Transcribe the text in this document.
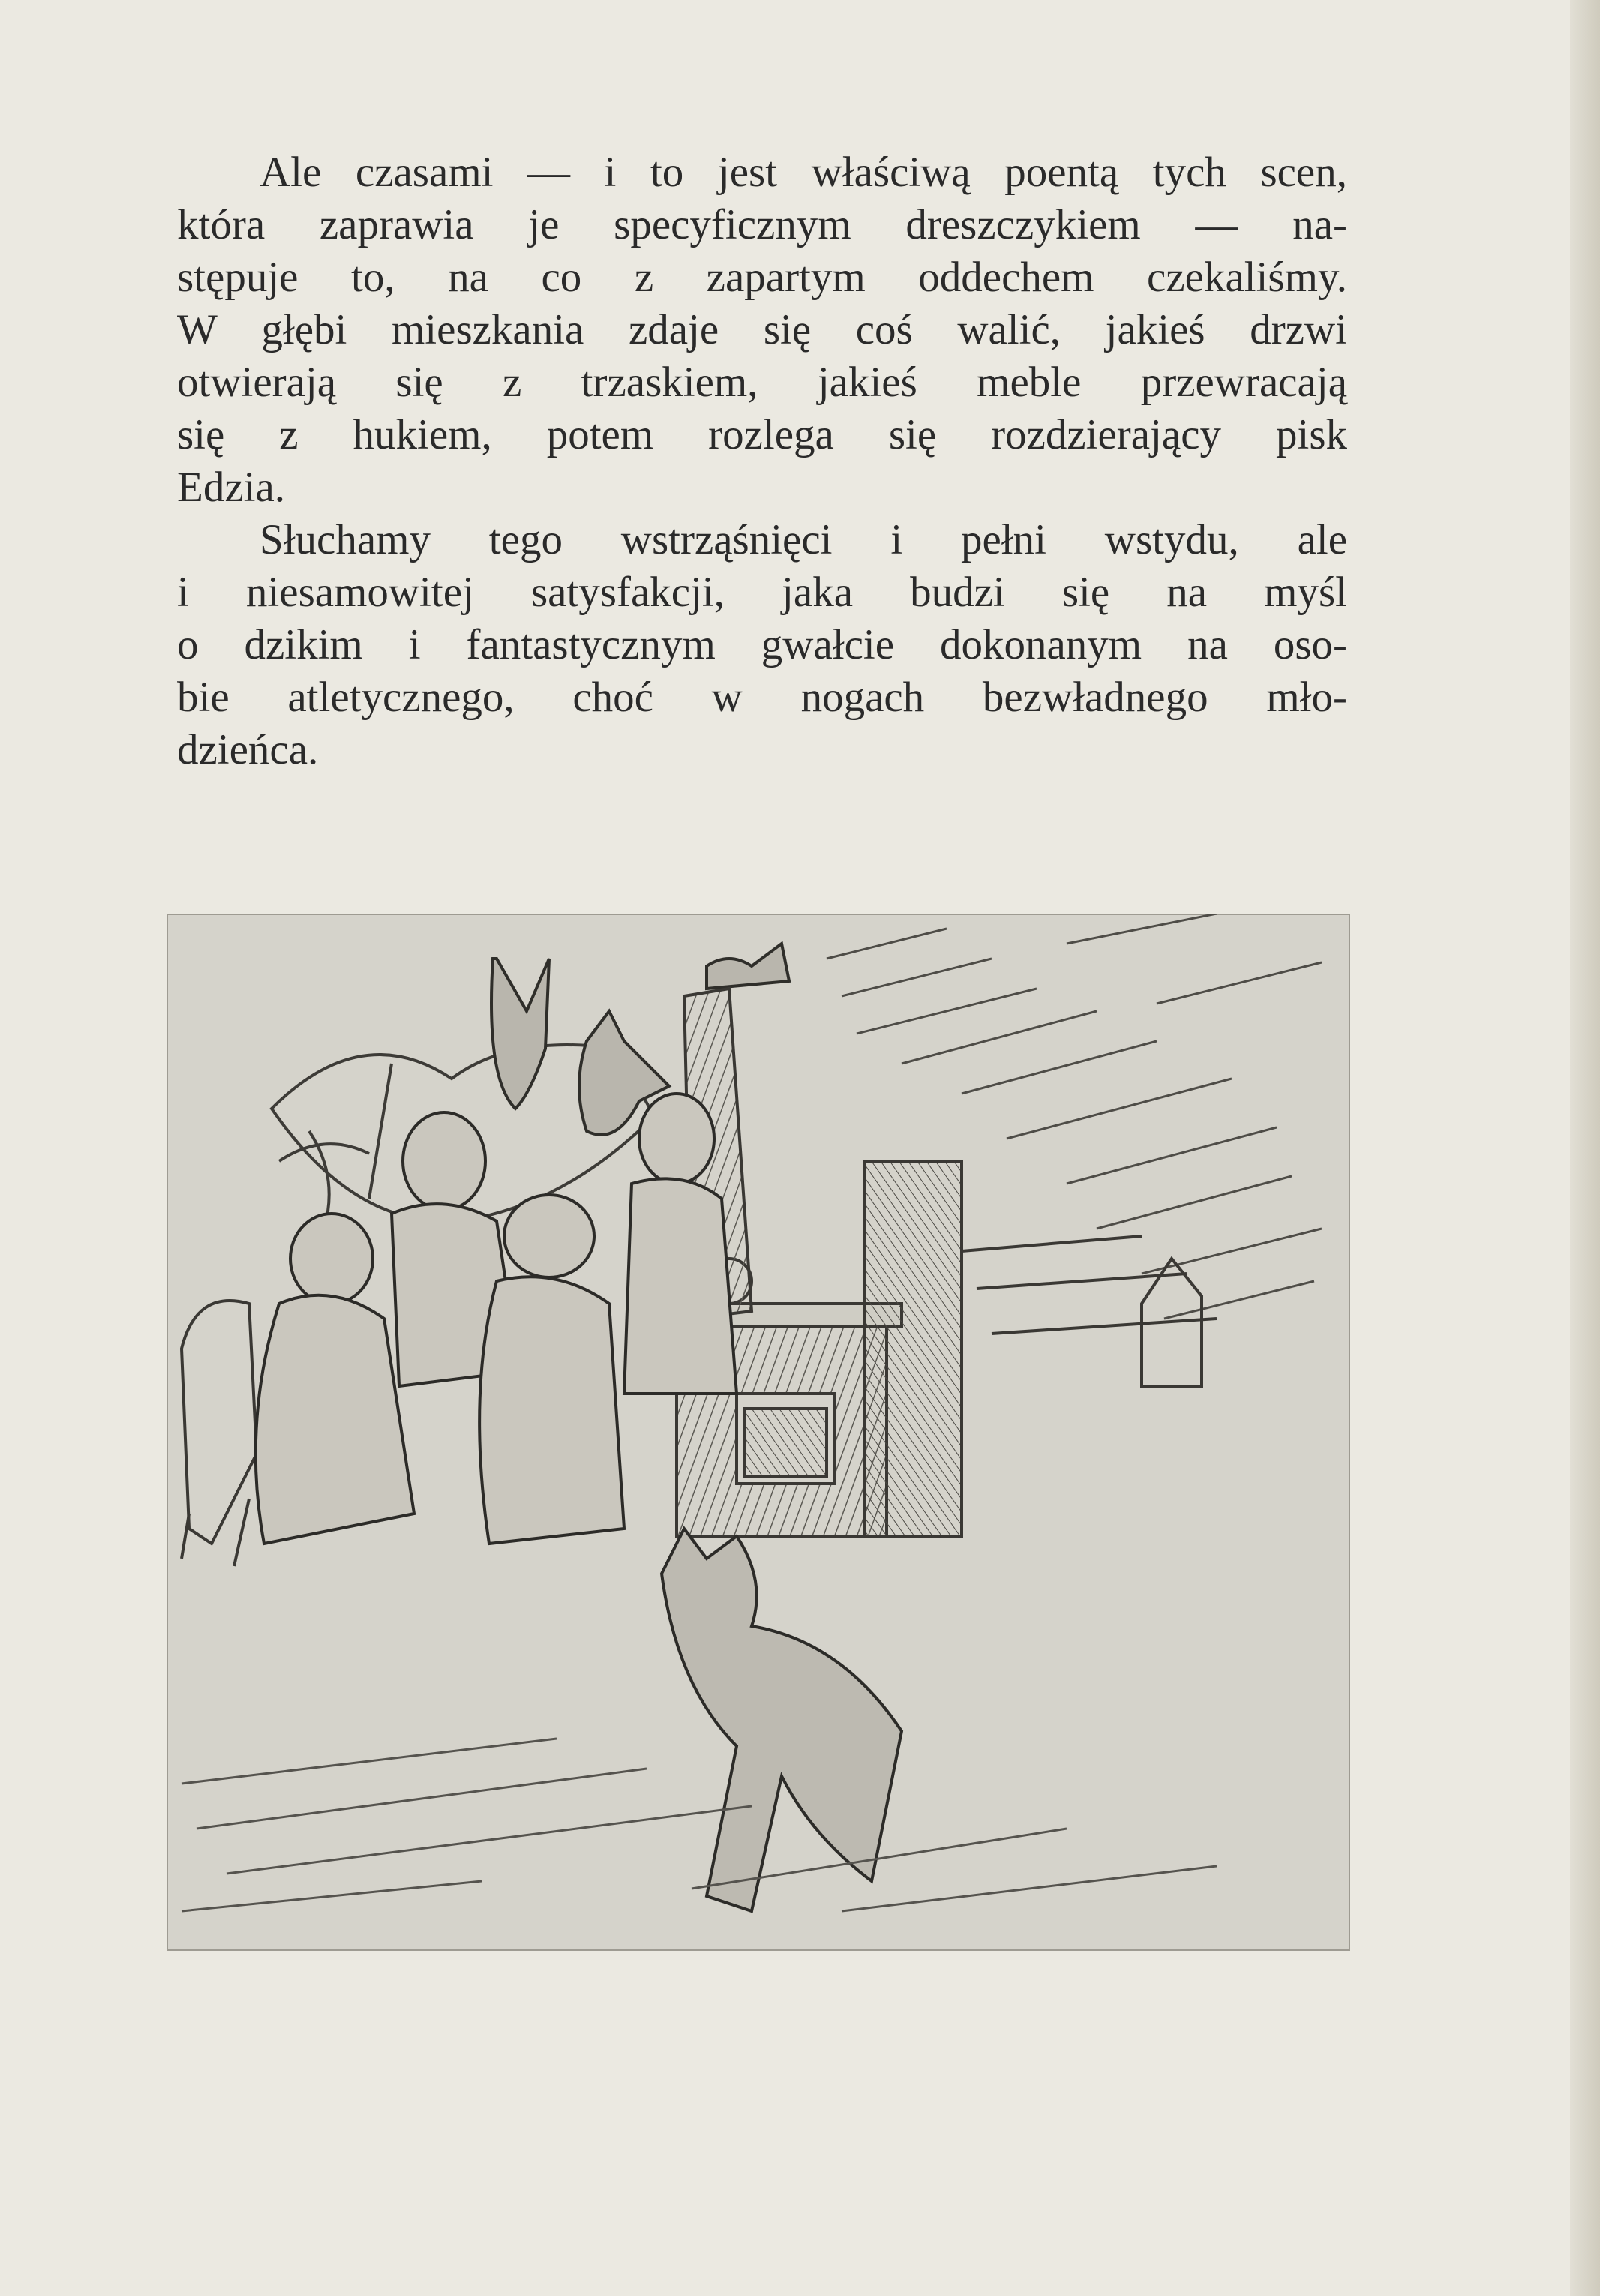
Ale czasami — i to jest właściwą poentą tych scen,
która zaprawia je specyficznym dreszczykiem — na-
stępuje to, na co z zapartym oddechem czekaliśmy.
W głębi mieszkania zdaje się coś walić, jakieś drzwi
otwierają się z trzaskiem, jakieś meble przewracają
się z hukiem, potem rozlega się rozdzierający pisk
Edzia.

Słuchamy tego wstrząśnięci i pełni wstydu, ale
i niesamowitej satysfakcji, jaka budzi się na myśl
o dzikim i fantastycznym gwałcie dokonanym na oso-
bie atletycznego, choć w nogach bezwładnego mło-
dzieńca.
